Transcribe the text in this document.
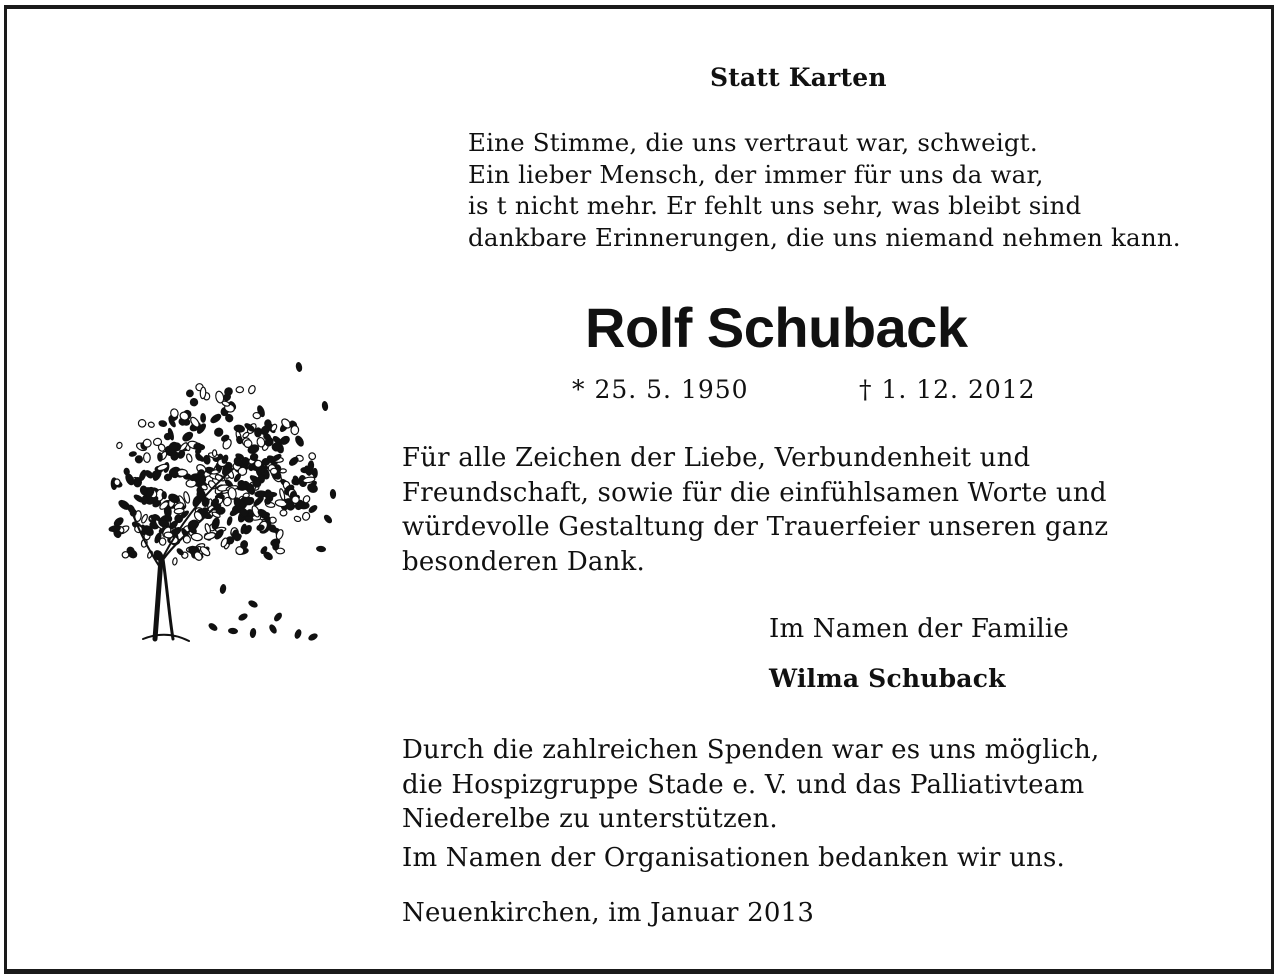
Statt Karten
Eine Stimme, die uns vertraut war, schweigt.
Ein lieber Mensch, der immer für uns da war,
is t nicht mehr. Er fehlt uns sehr, was bleibt sind
dankbare Erinnerungen, die uns niemand nehmen kann.
Rolf Schuback
* 25. 5. 1950	† 1. 12. 2012
Für alle Zeichen der Liebe, Verbundenheit und
Freundschaft, sowie für die einfühlsamen Worte und
würdevolle Gestaltung der Trauerfeier unseren ganz
besonderen Dank.
Im Namen der Familie
Wilma Schuback
Durch die zahlreichen Spenden war es uns möglich,
die Hospizgruppe Stade e. V. und das Palliativteam
Niederelbe zu unterstützen.
Im Namen der Organisationen bedanken wir uns.
Neuenkirchen, im Januar 2013
